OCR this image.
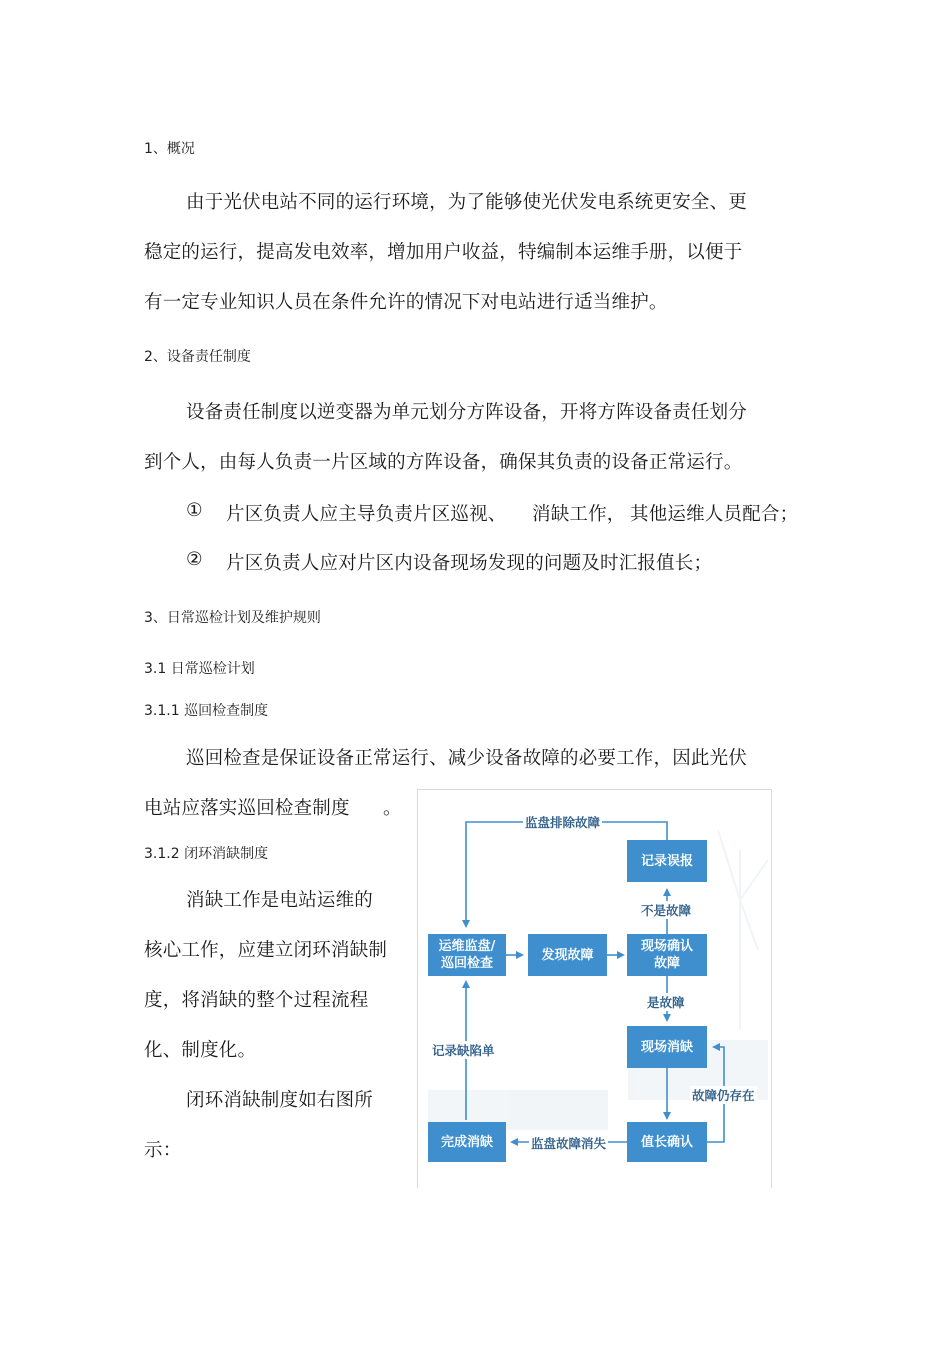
1、概况
由于光伏电站不同的运行环境，为了能够使光伏发电系统更安全、更
稳定的运行，提高发电效率，增加用户收益，特编制本运维手册，以便于
有一定专业知识人员在条件允许的情况下对电站进行适当维护。
2、设备责任制度
设备责任制度以逆变器为单元划分方阵设备，开将方阵设备责任划分
到个人，由每人负责一片区域的方阵设备，确保其负责的设备正常运行。
① 片区负责人应主导负责片区巡视、 消缺工作， 其他运维人员配合；
② 片区负责人应对片区内设备现场发现的问题及时汇报值长；
3、日常巡检计划及维护规则
3.1 日常巡检计划
3.1.1 巡回检查制度
巡回检查是保证设备正常运行、减少设备故障的必要工作，因此光伏
电站应落实巡回检查制度 。
3.1.2 闭环消缺制度
消缺工作是电站运维的
核心工作，应建立闭环消缺制
度，将消缺的整个过程流程
化、制度化。
闭环消缺制度如右图所
示：
运维监盘/
巡回检查
发现故障
现场确认
故障
记录误报
现场消缺
值长确认
完成消缺
监盘排除故障
不是故障
是故障
故障仍存在
监盘故障消失
记录缺陷单
